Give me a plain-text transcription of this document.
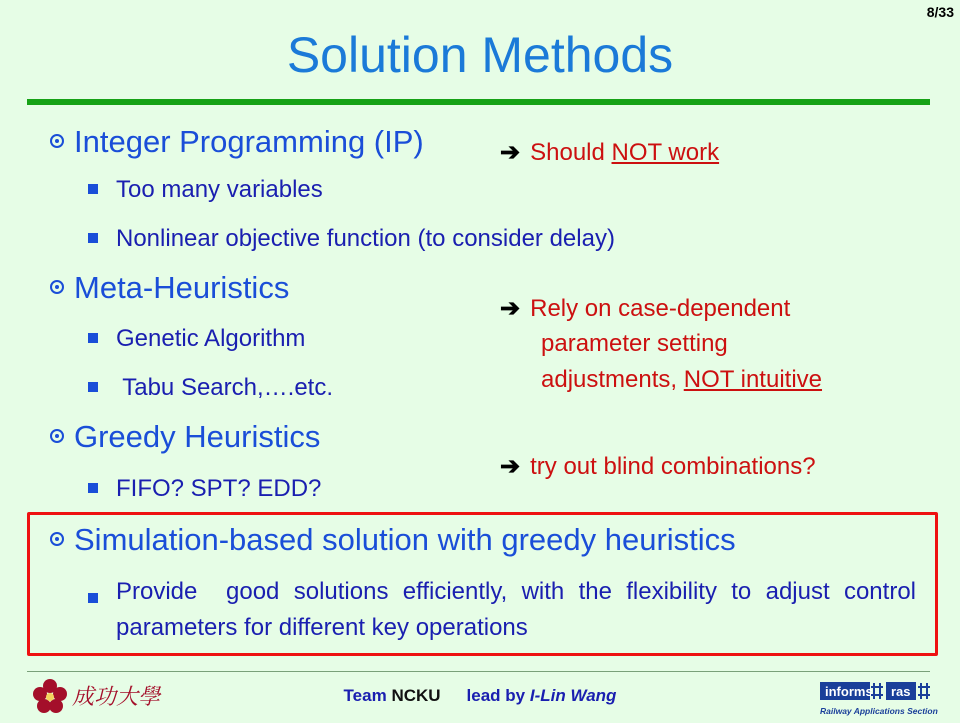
8/33
Solution Methods
Integer Programming (IP)
Too many variables
Nonlinear objective function (to consider delay)
➔ Should NOT work
Meta-Heuristics
Genetic Algorithm
Tabu Search,….etc.
➔ Rely on case-dependent
parameter setting
adjustments, NOT intuitive
Greedy Heuristics
FIFO? SPT? EDD?
➔ try out blind combinations?
Simulation-based solution with greedy heuristics
Provide  good solutions efficiently, with the flexibility to adjust control parameters for different key operations
成功大學	Team NCKU lead by I-Lin Wang	informs ras
Railway Applications Section
